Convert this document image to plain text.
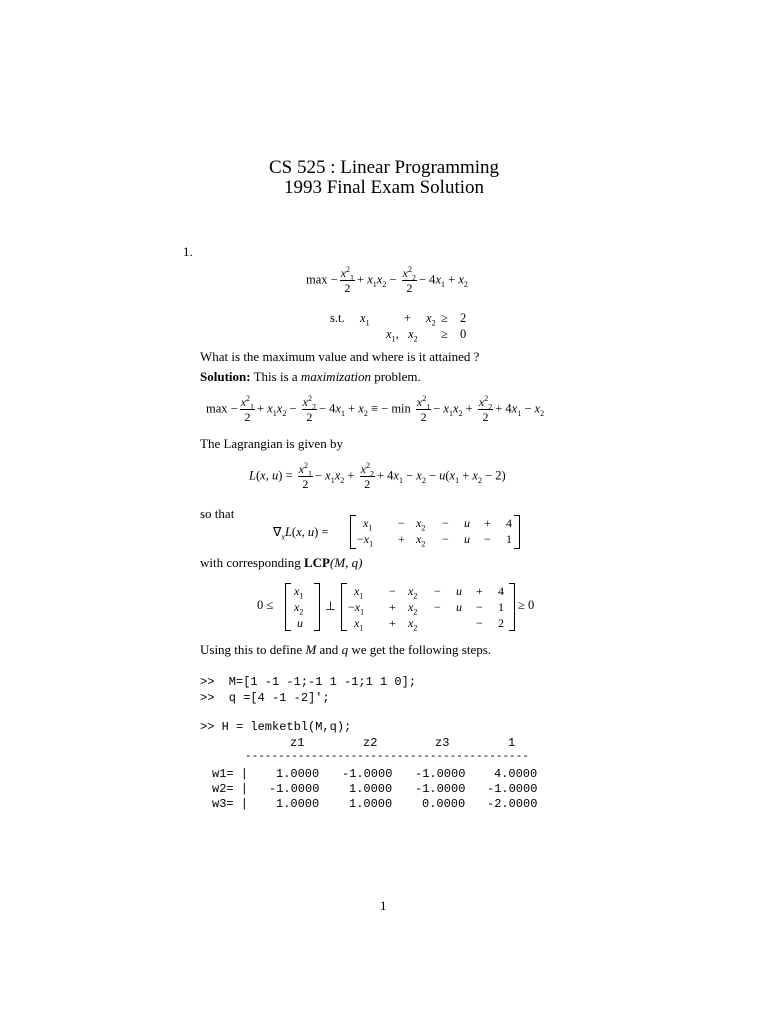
CS 525 : Linear Programming
1993 Final Exam Solution
1.
$\max - \frac{x^2_1}{2} + x_1x_2 - \frac{x^2_2}{2} - 4x_1 + x_2$
s.t. $x_1$	+ $x_2 \ge 2$
$x_1$,   $x_2 \ge 0$
What is the maximum value and where is it attained ?
Solution: This is a maximization problem.
$\max - \frac{x^2_1}{2} + x_1x_2 - \frac{x^2_2}{2} - 4x_1 + x_2$ ≡ − $\min \frac{x^2_1}{2} - x_1x_2 + \frac{x^2_2}{2} + 4x_1 - x_2$
The Lagrangian is given by
L(x, $u) = \frac{x^2_1}{2} - x_1x_2 + \frac{x^2_2}{2} + 4x_1 - x_2 - u(x_1 + x_2 - 2)$
so that
$\nabla_xL(x$, u) =
$x_1 - x_2 - u + 4$
$-x_1 + x_2 - u - 1$
with corresponding LCP(M, q)
0 ≤
$x_1$
$x_2$
u
⊥
$x_1 - x_2 - u + 4$
$-x_1 + x_2 - u - 1$
$x_1 + x_2$	− 2
≥ 0
Using this to define M and q we get the following steps.
>>  M=[1 -1 -1;-1 1 -1;1 1 0];
>>  q =[4 -1 -2]';
>> H = lemketbl(M,q);
z1	z2	z3	1
-------------------------------------------
w1= | 1.0000 -1.0000 -1.0000 4.0000
w2= | -1.0000 1.0000 -1.0000 -1.0000
w3= | 1.0000 1.0000 0.0000 -2.0000
1
